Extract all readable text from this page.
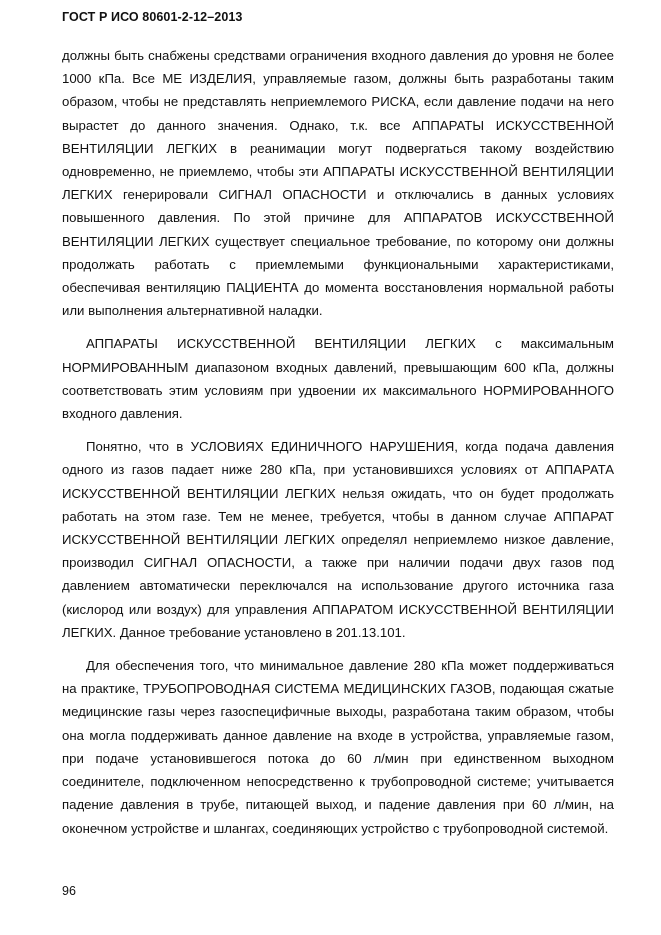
ГОСТ Р ИСО 80601-2-12–2013

должны быть снабжены средствами ограничения входного давления до уровня не более 1000 кПа. Все МЕ ИЗДЕЛИЯ, управляемые газом, должны быть разработаны таким образом, чтобы не представлять неприемлемого РИСКА, если давление подачи на него вырастет до данного значения. Однако, т.к. все АППАРАТЫ ИСКУССТВЕННОЙ ВЕНТИЛЯЦИИ ЛЕГКИХ в реанимации могут подвергаться такому воздействию одновременно, не приемлемо, чтобы эти АППАРАТЫ ИСКУССТВЕННОЙ ВЕНТИЛЯЦИИ ЛЕГКИХ генерировали СИГНАЛ ОПАСНОСТИ и отключались в данных условиях повышенного давления. По этой причине для АППАРАТОВ ИСКУССТВЕННОЙ ВЕНТИЛЯЦИИ ЛЕГКИХ существует специальное требование, по которому они должны продолжать работать с приемлемыми функциональными характеристиками, обеспечивая вентиляцию ПАЦИЕНТА до момента восстановления нормальной работы или выполнения альтернативной наладки.

АППАРАТЫ ИСКУССТВЕННОЙ ВЕНТИЛЯЦИИ ЛЕГКИХ с максимальным НОРМИРОВАННЫМ диапазоном входных давлений, превышающим 600 кПа, должны соответствовать этим условиям при удвоении их максимального НОРМИРОВАННОГО входного давления.

Понятно, что в УСЛОВИЯХ ЕДИНИЧНОГО НАРУШЕНИЯ, когда подача давления одного из газов падает ниже 280 кПа, при установившихся условиях от АППАРАТА ИСКУССТВЕННОЙ ВЕНТИЛЯЦИИ ЛЕГКИХ нельзя ожидать, что он будет продолжать работать на этом газе. Тем не менее, требуется, чтобы в данном случае АППАРАТ ИСКУССТВЕННОЙ ВЕНТИЛЯЦИИ ЛЕГКИХ определял неприемлемо низкое давление, производил СИГНАЛ ОПАСНОСТИ, а также при наличии подачи двух газов под давлением автоматически переключался на использование другого источника газа (кислород или воздух) для управления АППАРАТОМ ИСКУССТВЕННОЙ ВЕНТИЛЯЦИИ ЛЕГКИХ. Данное требование установлено в 201.13.101.

Для обеспечения того, что минимальное давление 280 кПа может поддерживаться на практике, ТРУБОПРОВОДНАЯ СИСТЕМА МЕДИЦИНСКИХ ГАЗОВ, подающая сжатые медицинские газы через газоспецифичные выходы, разработана таким образом, чтобы она могла поддерживать данное давление на входе в устройства, управляемые газом, при подаче установившегося потока до 60 л/мин при единственном выходном соединителе, подключенном непосредственно к трубопроводной системе; учитывается падение давления в трубе, питающей выход, и падение давления при 60 л/мин, на оконечном устройстве и шлангах, соединяющих устройство с трубопроводной системой.

96
